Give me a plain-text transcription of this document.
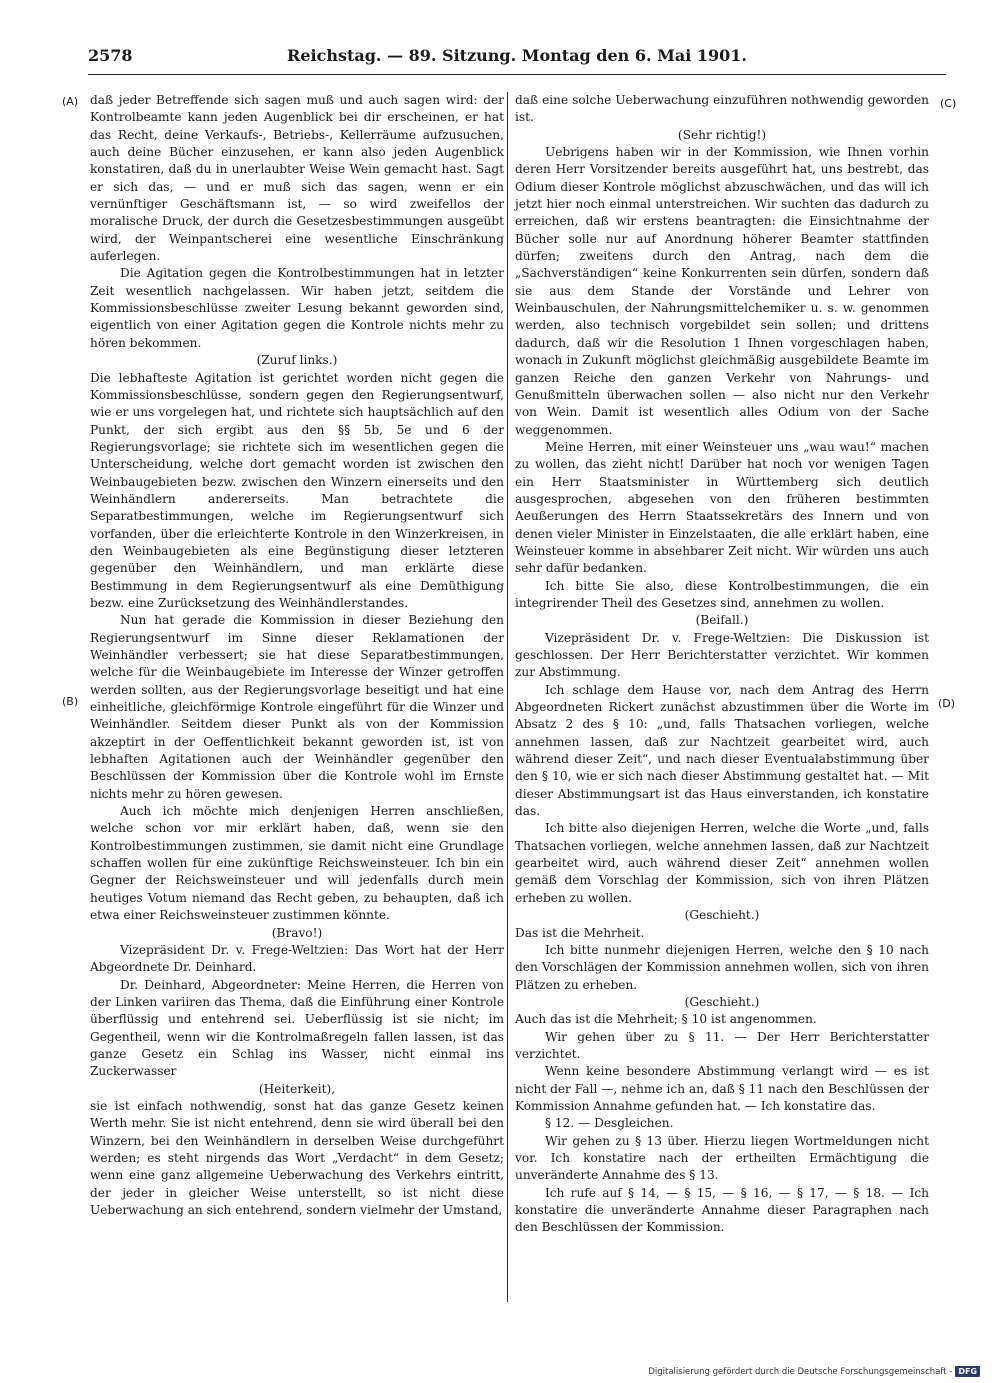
2578	Reichstag. — 89. Sitzung. Montag den 6. Mai 1901.
(A)
(B)
(C)
(D)

daß jeder Betreffende sich sagen muß und auch sagen wird: der Kontrolbeamte kann jeden Augenblick bei dir erscheinen, er hat das Recht, deine Verkaufs-, Betriebs-, Kellerräume aufzusuchen, auch deine Bücher einzusehen, er kann also jeden Augenblick konstatiren, daß du in unerlaubter Weise Wein gemacht hast. Sagt er sich das, — und er muß sich das sagen, wenn er ein vernünftiger Geschäftsmann ist, — so wird zweifellos der moralische Druck, der durch die Gesetzesbestimmungen ausgeübt wird, der Weinpantscherei eine wesentliche Einschränkung auferlegen.

Die Agitation gegen die Kontrolbestimmungen hat in letzter Zeit wesentlich nachgelassen. Wir haben jetzt, seitdem die Kommissionsbeschlüsse zweiter Lesung bekannt geworden sind, eigentlich von einer Agitation gegen die Kontrole nichts mehr zu hören bekommen.

(Zuruf links.)

Die lebhafteste Agitation ist gerichtet worden nicht gegen die Kommissionsbeschlüsse, sondern gegen den Regierungsentwurf, wie er uns vorgelegen hat, und richtete sich hauptsächlich auf den Punkt, der sich ergibt aus den §§ 5b, 5e und 6 der Regierungsvorlage; sie richtete sich im wesentlichen gegen die Unterscheidung, welche dort gemacht worden ist zwischen den Weinbaugebieten bezw. zwischen den Winzern einerseits und den Weinhändlern andererseits. Man betrachtete die Separatbestimmungen, welche im Regierungsentwurf sich vorfanden, über die erleichterte Kontrole in den Winzerkreisen, in den Weinbaugebieten als eine Begünstigung dieser letzteren gegenüber den Weinhändlern, und man erklärte diese Bestimmung in dem Regierungsentwurf als eine Demüthigung bezw. eine Zurücksetzung des Weinhändlerstandes.

Nun hat gerade die Kommission in dieser Beziehung den Regierungsentwurf im Sinne dieser Reklamationen der Weinhändler verbessert; sie hat diese Separatbestimmungen, welche für die Weinbaugebiete im Interesse der Winzer getroffen werden sollten, aus der Regierungsvorlage beseitigt und hat eine einheitliche, gleichförmige Kontrole eingeführt für die Winzer und Weinhändler. Seitdem dieser Punkt als von der Kommission akzeptirt in der Oeffentlichkeit bekannt geworden ist, ist von lebhaften Agitationen auch der Weinhändler gegenüber den Beschlüssen der Kommission über die Kontrole wohl im Ernste nichts mehr zu hören gewesen.

Auch ich möchte mich denjenigen Herren anschließen, welche schon vor mir erklärt haben, daß, wenn sie den Kontrolbestimmungen zustimmen, sie damit nicht eine Grundlage schaffen wollen für eine zukünftige Reichsweinsteuer. Ich bin ein Gegner der Reichsweinsteuer und will jedenfalls durch mein heutiges Votum niemand das Recht geben, zu behaupten, daß ich etwa einer Reichsweinsteuer zustimmen könnte.

(Bravo!)

Vizepräsident Dr. v. Frege-Weltzien: Das Wort hat der Herr Abgeordnete Dr. Deinhard.

Dr. Deinhard, Abgeordneter: Meine Herren, die Herren von der Linken variiren das Thema, daß die Einführung einer Kontrole überflüssig und entehrend sei. Ueberflüssig ist sie nicht; im Gegentheil, wenn wir die Kontrolmaßregeln fallen lassen, ist das ganze Gesetz ein Schlag ins Wasser, nicht einmal ins Zuckerwasser

(Heiterkeit),

sie ist einfach nothwendig, sonst hat das ganze Gesetz keinen Werth mehr. Sie ist nicht entehrend, denn sie wird überall bei den Winzern, bei den Weinhändlern in derselben Weise durchgeführt werden; es steht nirgends das Wort „Verdacht“ in dem Gesetz; wenn eine ganz allgemeine Ueberwachung des Verkehrs eintritt, der jeder in gleicher Weise unterstellt, so ist nicht diese Ueberwachung an sich entehrend, sondern vielmehr der Umstand,

daß eine solche Ueberwachung einzuführen nothwendig geworden ist.

(Sehr richtig!)

Uebrigens haben wir in der Kommission, wie Ihnen vorhin deren Herr Vorsitzender bereits ausgeführt hat, uns bestrebt, das Odium dieser Kontrole möglichst abzuschwächen, und das will ich jetzt hier noch einmal unterstreichen. Wir suchten das dadurch zu erreichen, daß wir erstens beantragten: die Einsichtnahme der Bücher solle nur auf Anordnung höherer Beamter stattfinden dürfen; zweitens durch den Antrag, nach dem die „Sachverständigen“ keine Konkurrenten sein dürfen, sondern daß sie aus dem Stande der Vorstände und Lehrer von Weinbauschulen, der Nahrungsmittelchemiker u. s. w. genommen werden, also technisch vorgebildet sein sollen; und drittens dadurch, daß wir die Resolution 1 Ihnen vorgeschlagen haben, wonach in Zukunft möglichst gleichmäßig ausgebildete Beamte im ganzen Reiche den ganzen Verkehr von Nahrungs- und Genußmitteln überwachen sollen — also nicht nur den Verkehr von Wein. Damit ist wesentlich alles Odium von der Sache weggenommen.

Meine Herren, mit einer Weinsteuer uns „wau wau!“ machen zu wollen, das zieht nicht! Darüber hat noch vor wenigen Tagen ein Herr Staatsminister in Württemberg sich deutlich ausgesprochen, abgesehen von den früheren bestimmten Aeußerungen des Herrn Staatssekretärs des Innern und von denen vieler Minister in Einzelstaaten, die alle erklärt haben, eine Weinsteuer komme in absehbarer Zeit nicht. Wir würden uns auch sehr dafür bedanken.

Ich bitte Sie also, diese Kontrolbestimmungen, die ein integrirender Theil des Gesetzes sind, annehmen zu wollen.

(Beifall.)

Vizepräsident Dr. v. Frege-Weltzien: Die Diskussion ist geschlossen. Der Herr Berichterstatter verzichtet. Wir kommen zur Abstimmung.

Ich schlage dem Hause vor, nach dem Antrag des Herrn Abgeordneten Rickert zunächst abzustimmen über die Worte im Absatz 2 des § 10: „und, falls Thatsachen vorliegen, welche annehmen lassen, daß zur Nachtzeit gearbeitet wird, auch während dieser Zeit“, und nach dieser Eventualabstimmung über den § 10, wie er sich nach dieser Abstimmung gestaltet hat. — Mit dieser Abstimmungsart ist das Haus einverstanden, ich konstatire das.

Ich bitte also diejenigen Herren, welche die Worte „und, falls Thatsachen vorliegen, welche annehmen lassen, daß zur Nachtzeit gearbeitet wird, auch während dieser Zeit“ annehmen wollen gemäß dem Vorschlag der Kommission, sich von ihren Plätzen erheben zu wollen.

(Geschieht.)

Das ist die Mehrheit.

Ich bitte nunmehr diejenigen Herren, welche den § 10 nach den Vorschlägen der Kommission annehmen wollen, sich von ihren Plätzen zu erheben.

(Geschieht.)

Auch das ist die Mehrheit; § 10 ist angenommen.

Wir gehen über zu § 11. — Der Herr Berichterstatter verzichtet.

Wenn keine besondere Abstimmung verlangt wird — es ist nicht der Fall —, nehme ich an, daß § 11 nach den Beschlüssen der Kommission Annahme gefunden hat. — Ich konstatire das.

§ 12. — Desgleichen.

Wir gehen zu § 13 über. Hierzu liegen Wortmeldungen nicht vor. Ich konstatire nach der ertheilten Ermächtigung die unveränderte Annahme des § 13.

Ich rufe auf § 14, — § 15, — § 16, — § 17, — § 18. — Ich konstatire die unveränderte Annahme dieser Paragraphen nach den Beschlüssen der Kommission.

Digitalisierung gefördert durch die Deutsche Forschungsgemeinschaft - DFG
